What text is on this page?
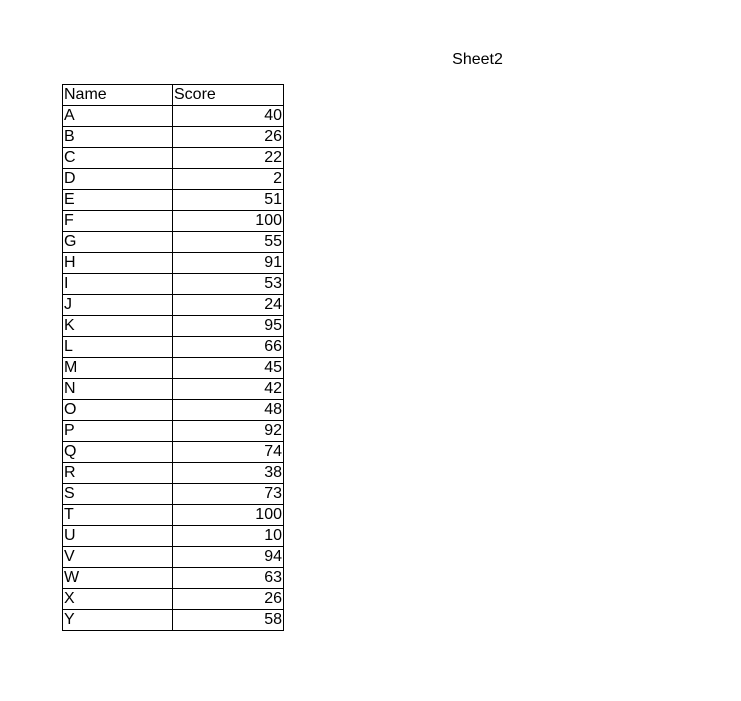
Sheet2
Name	Score
A	40
B	26
C	22
D	2
E	51
F	100
G	55
H	91
I	53
J	24
K	95
L	66
M	45
N	42
O	48
P	92
Q	74
R	38
S	73
T	100
U	10
V	94
W	63
X	26
Y	58
